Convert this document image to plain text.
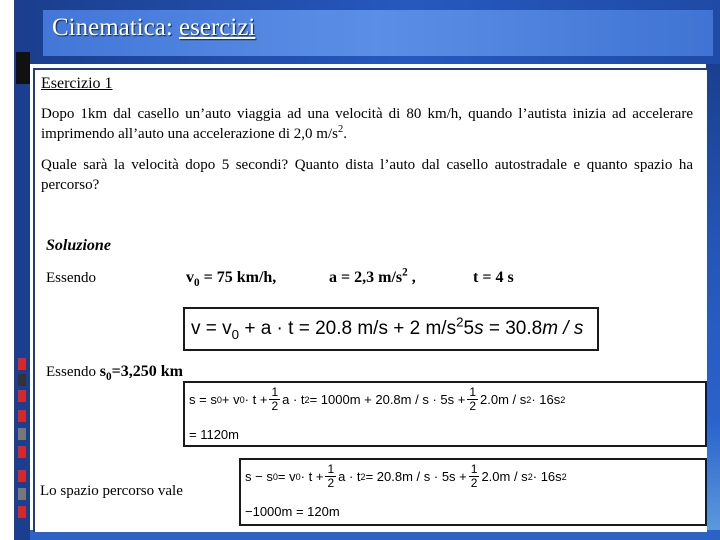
Cinematica: esercizi
Esercizio 1
Dopo 1km dal casello un’auto viaggia ad una velocità di 80 km/h, quando l’autista inizia ad accelerare imprimendo all’auto una accelerazione di 2,0 $m/s^2$.
Quale sarà la velocità dopo 5 secondi? Quanto dista l’auto dal casello autostradale e quanto spazio ha percorso?
Soluzione
Essendo	$v_0 = 75$ km/h,	a = 2,3 $m/s^2$ ,	t = 4 s
$v = v_0 + a \cdot t = 20.8$ m/s + 2 $m/s^25s = 30.8m / s$
Essendo $s_0=3,250$ km
s = s 0 + v $0 \cdot t + \frac{1}{2}$ a · t $2 = 1000m + 20.8m / s \cdot 5s + \frac{1}{2} 2.0m / s$ 2 · 16s 2
= 1120m
Lo spazio percorso vale
s − s 0 = v $0 \cdot t + \frac{1}{2}$ a · t $2 = 20.8m / s \cdot 5s + \frac{1}{2} 2.0m / s$ 2 · 16s 2
−1000m = 120m
